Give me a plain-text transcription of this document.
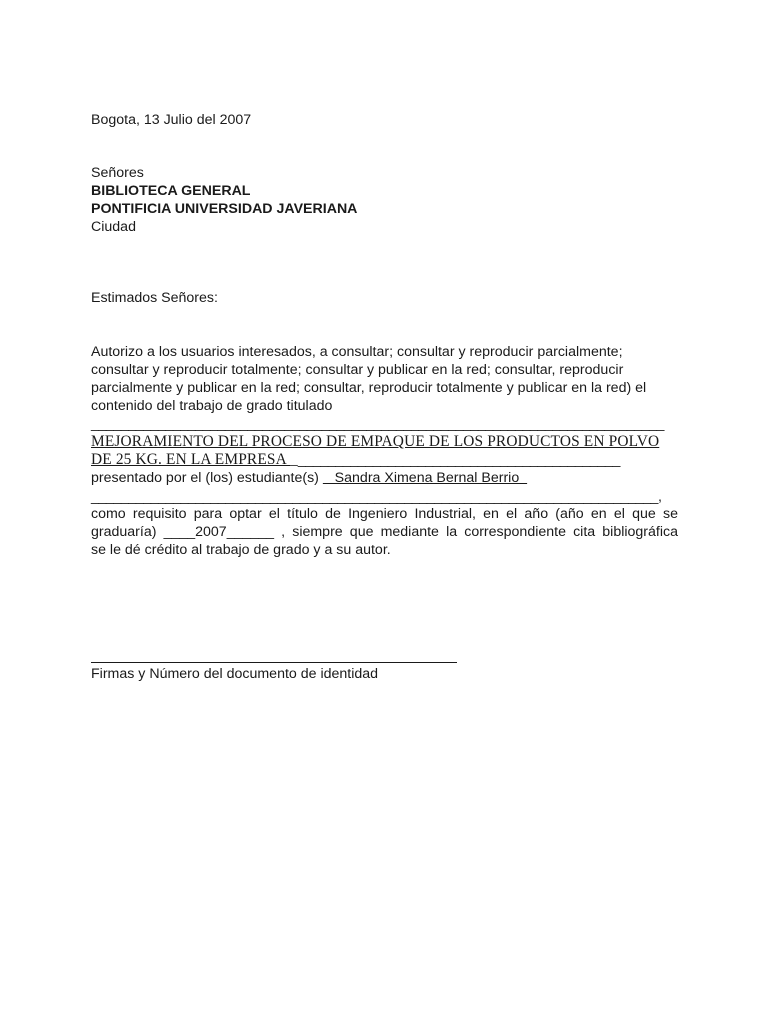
Bogota, 13 Julio del 2007
Señores
BIBLIOTECA GENERAL
PONTIFICIA UNIVERSIDAD JAVERIANA
Ciudad
Estimados Señores:
Autorizo a los usuarios interesados, a consultar; consultar y reproducir parcialmente;
consultar y reproducir totalmente; consultar y publicar en la red; consultar, reproducir
parcialmente y publicar en la red; consultar, reproducir totalmente y publicar en la red) el
contenido del trabajo de grado titulado
_____________________________________________________________________________
MEJORAMIENTO DEL PROCESO DE EMPAQUE DE LOS PRODUCTOS EN POLVO
DE 25 KG. EN LA EMPRESA ____________________________________________
presentado por el (los) estudiante(s)    Sandra Ximena Bernal Berrio
____________________________________________________________________________,
como requisito para optar el título de Ingeniero Industrial, en el año (año en el que se
graduaría) ____2007______ , siempre que mediante la correspondiente cita bibliográfica
se le dé crédito al trabajo de grado y a su autor.
Firmas y Número del documento de identidad
